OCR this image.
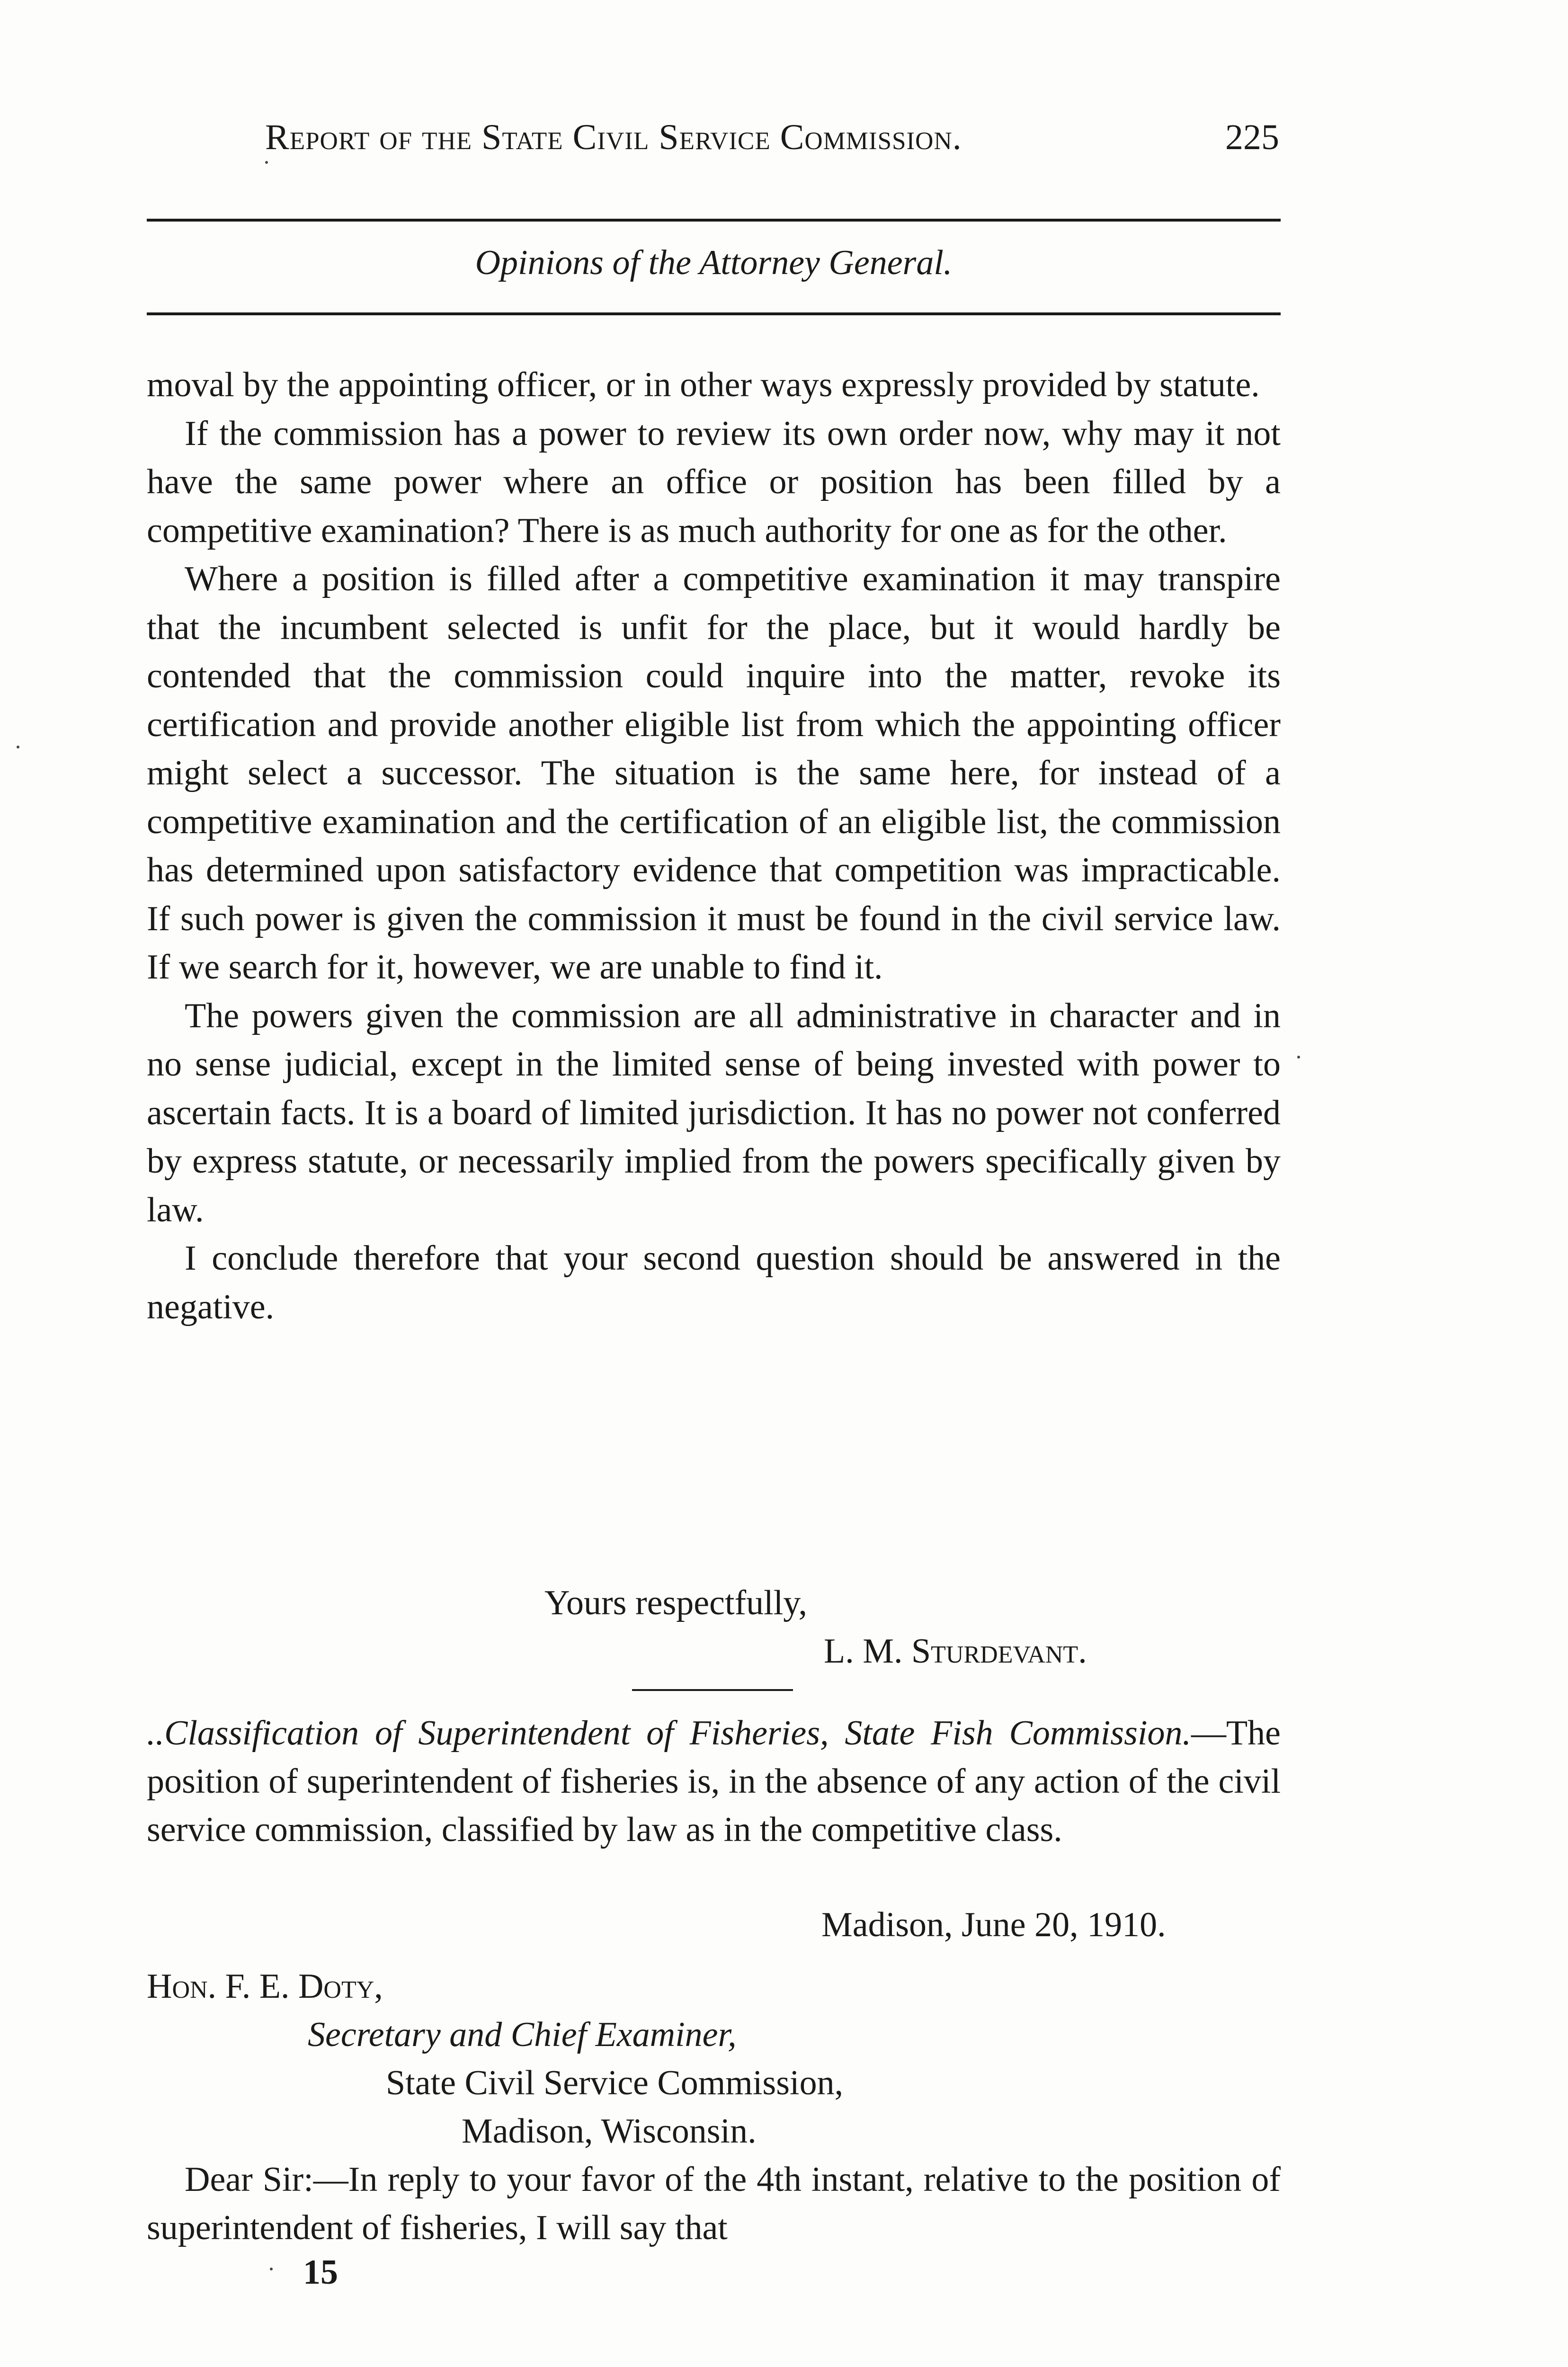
Report of the State Civil Service Commission.	225
Opinions of the Attorney General.

moval by the appointing officer, or in other ways expressly provided by statute.

If the commission has a power to review its own order now, why may it not have the same power where an office or position has been filled by a competitive examination? There is as much authority for one as for the other.

Where a position is filled after a competitive examination it may transpire that the incumbent selected is unfit for the place, but it would hardly be contended that the commission could inquire into the matter, revoke its certification and provide another eligible list from which the appointing officer might select a successor. The situation is the same here, for instead of a competitive examination and the certification of an eligible list, the commission has determined upon satisfactory evidence that competition was impracticable. If such power is given the commission it must be found in the civil service law. If we search for it, however, we are unable to find it.

The powers given the commission are all administrative in character and in no sense judicial, except in the limited sense of being invested with power to ascertain facts. It is a board of limited jurisdiction. It has no power not conferred by express statute, or necessarily implied from the powers specifically given by law.

I conclude therefore that your second question should be answered in the negative.

Yours respectfully,
L. M. Sturdevant.

..Classification of Superintendent of Fisheries, State Fish Commission.—The position of superintendent of fisheries is, in the absence of any action of the civil service commission, classified by law as in the competitive class.

Madison, June 20, 1910.
Hon. F. E. Doty,
Secretary and Chief Examiner,
State Civil Service Commission,
Madison, Wisconsin.

Dear Sir:—In reply to your favor of the 4th instant, relative to the position of superintendent of fisheries, I will say that

15
